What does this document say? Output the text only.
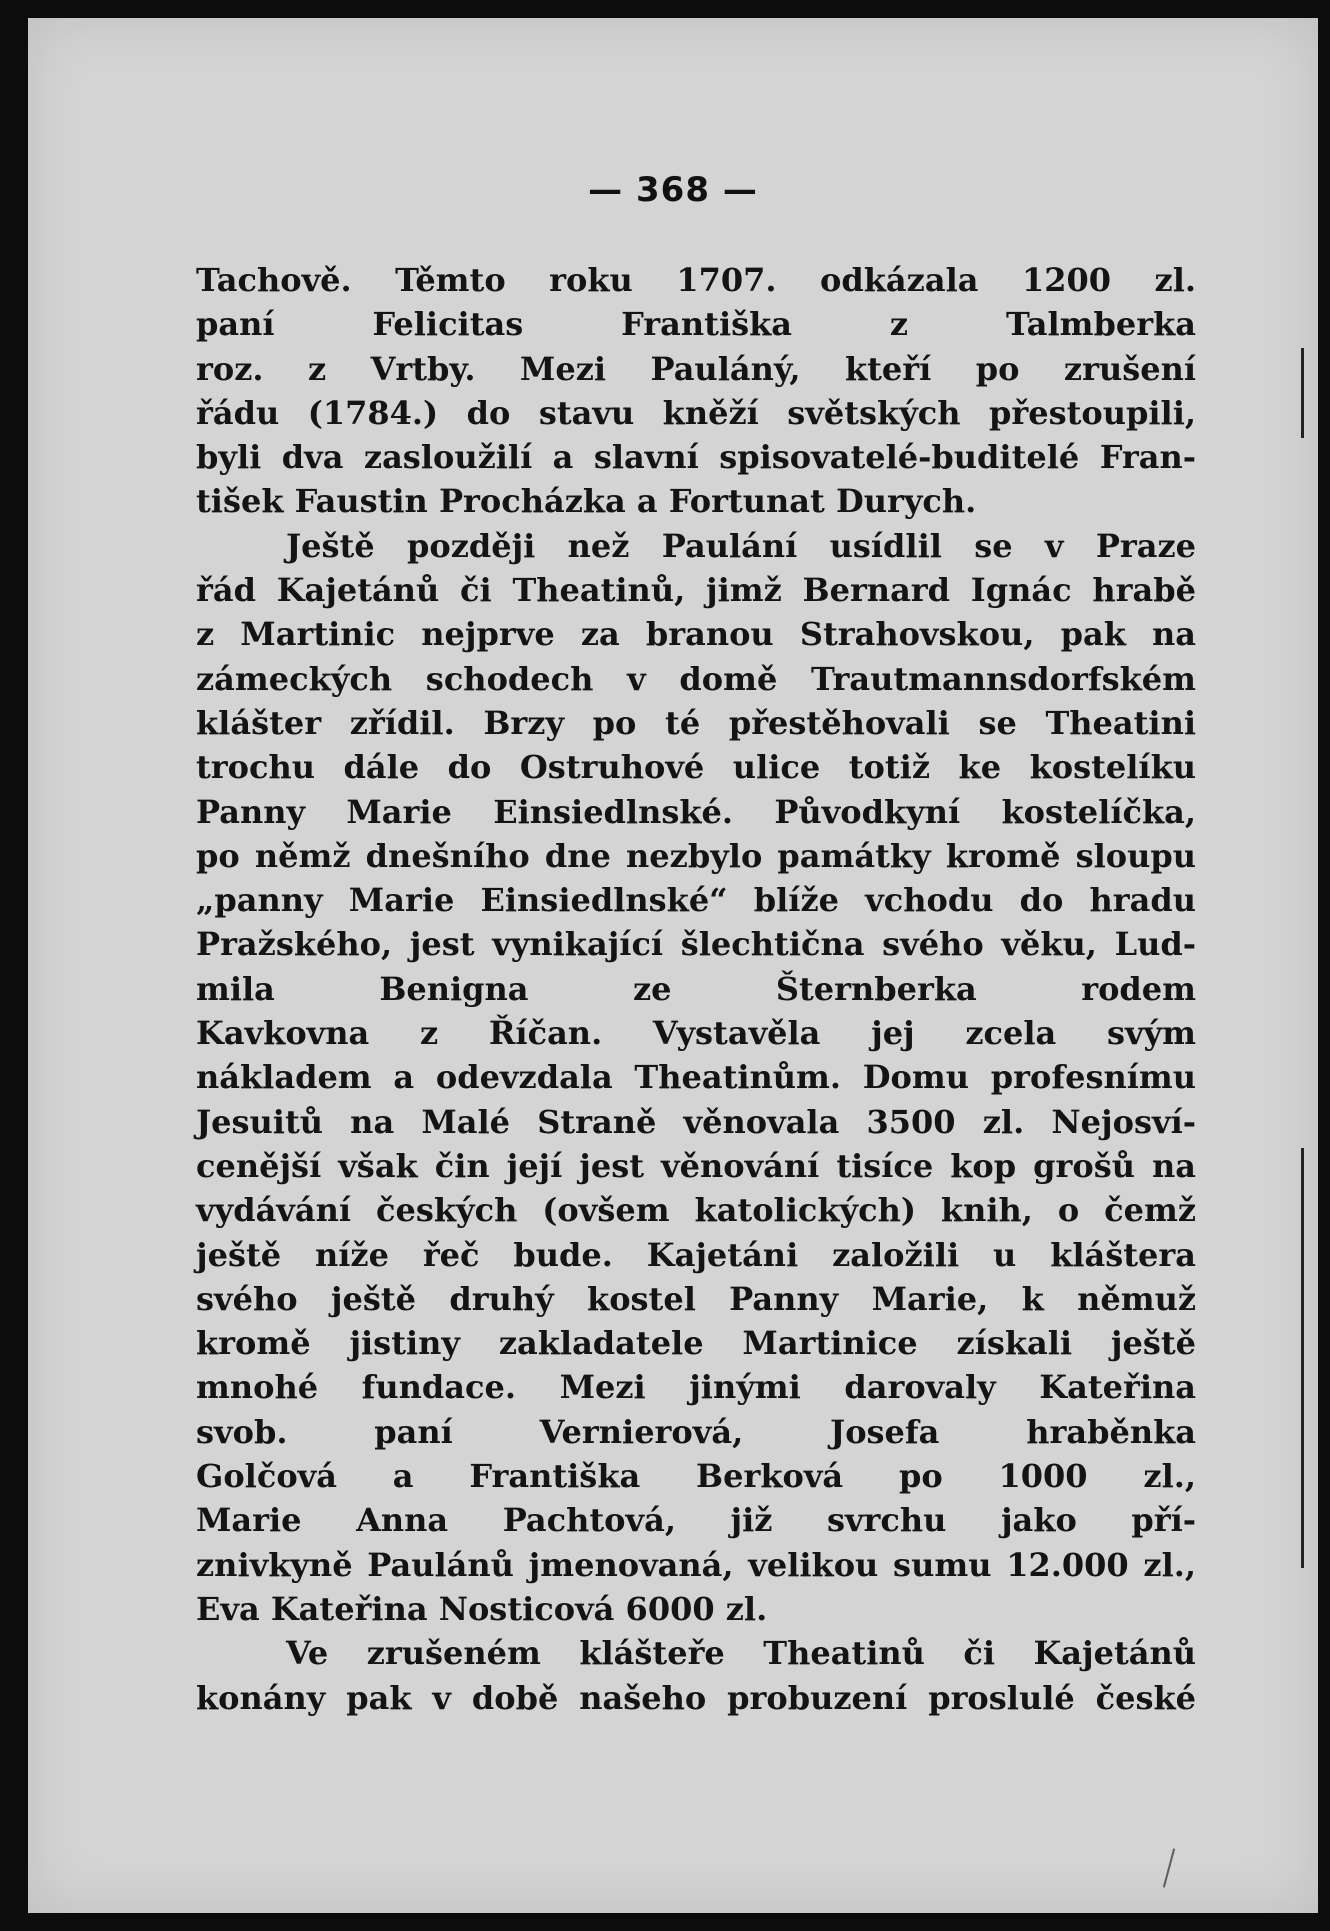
— 368 —
Tachově. Těmto roku 1707. odkázala 1200 zl.
paní Felicitas Františka z Talmberka
roz. z Vrtby. Mezi Pauláný, kteří po zrušení
řádu (1784.) do stavu kněží světských přestoupili,
byli dva zasloužilí a slavní spisovatelé-buditelé Fran-
tišek Faustin Procházka a Fortunat Durych.
Ještě později než Paulání usídlil se v Praze
řád Kajetánů či Theatinů, jimž Bernard Ignác hrabě
z Martinic nejprve za branou Strahovskou, pak na
zámeckých schodech v domě Trautmannsdorfském
klášter zřídil. Brzy po té přestěhovali se Theatini
trochu dále do Ostruhové ulice totiž ke kostelíku
Panny Marie Einsiedlnské. Původkyní kostelíčka,
po němž dnešního dne nezbylo památky kromě sloupu
„panny Marie Einsiedlnské“ blíže vchodu do hradu
Pražského, jest vynikající šlechtična svého věku, Lud-
mila Benigna ze Šternberka rodem
Kavkovna z Říčan. Vystavěla jej zcela svým
nákladem a odevzdala Theatinům. Domu profesnímu
Jesuitů na Malé Straně věnovala 3500 zl. Nejosví-
cenější však čin její jest věnování tisíce kop grošů na
vydávání českých (ovšem katolických) knih, o čemž
ještě níže řeč bude. Kajetáni založili u kláštera
svého ještě druhý kostel Panny Marie, k němuž
kromě jistiny zakladatele Martinice získali ještě
mnohé fundace. Mezi jinými darovaly Kateřina
svob. paní Vernierová, Josefa hraběnka
Golčová a Františka Berková po 1000 zl.,
Marie Anna Pachtová, již svrchu jako pří-
znivkyně Paulánů jmenovaná, velikou sumu 12.000 zl.,
Eva Kateřina Nosticová 6000 zl.
Ve zrušeném klášteře Theatinů či Kajetánů
konány pak v době našeho probuzení proslulé české
